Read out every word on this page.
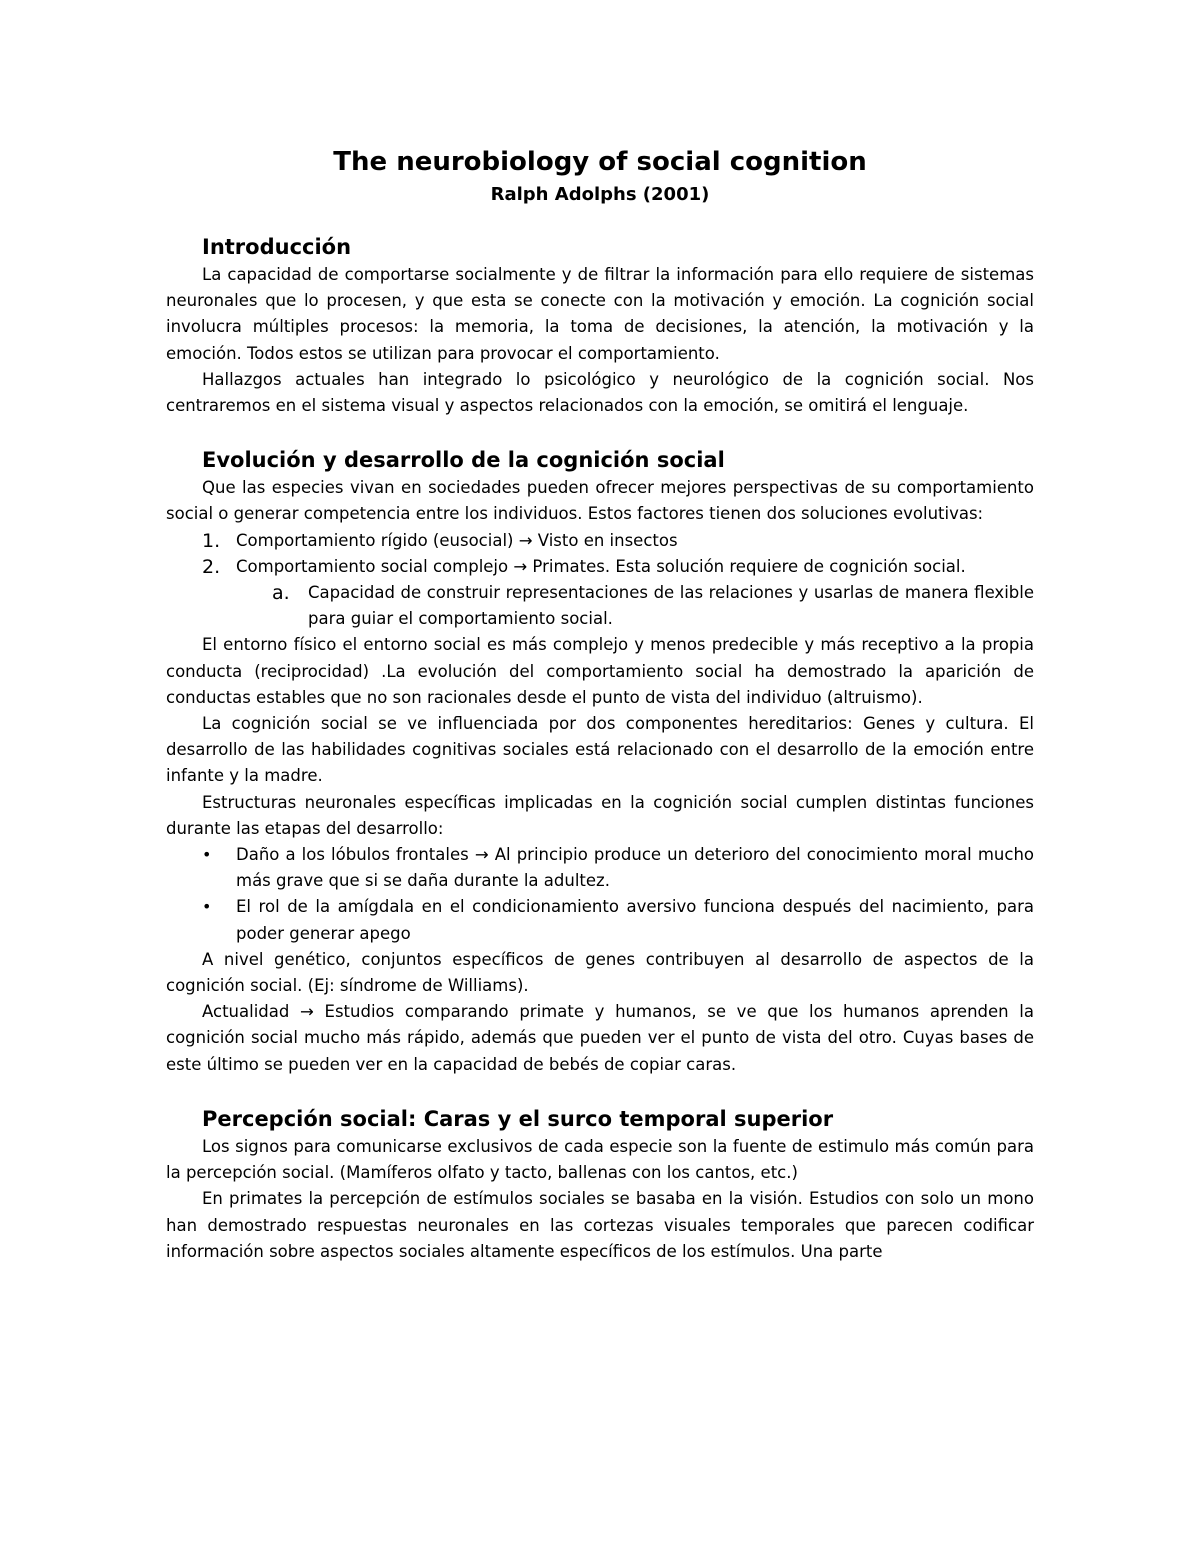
The neurobiology of social cognition
Ralph Adolphs (2001)
Introducción

La capacidad de comportarse socialmente y de filtrar la información para ello requiere de sistemas neuronales que lo procesen, y que esta se conecte con la motivación y emoción. La cognición social involucra múltiples procesos: la memoria, la toma de decisiones, la atención, la motivación y la emoción. Todos estos se utilizan para provocar el comportamiento.

Hallazgos actuales han integrado lo psicológico y neurológico de la cognición social. Nos centraremos en el sistema visual y aspectos relacionados con la emoción, se omitirá el lenguaje.

Evolución y desarrollo de la cognición social

Que las especies vivan en sociedades pueden ofrecer mejores perspectivas de su comportamiento social o generar competencia entre los individuos. Estos factores tienen dos soluciones evolutivas:

1. Comportamiento rígido (eusocial) → Visto en insectos
2. Comportamiento social complejo → Primates. Esta solución requiere de cognición social.
a. Capacidad de construir representaciones de las relaciones y usarlas de manera flexible para guiar el comportamiento social.

El entorno físico el entorno social es más complejo y menos predecible y más receptivo a la propia conducta (reciprocidad) .La evolución del comportamiento social ha demostrado la aparición de conductas estables que no son racionales desde el punto de vista del individuo (altruismo).

La cognición social se ve influenciada por dos componentes hereditarios: Genes y cultura. El desarrollo de las habilidades cognitivas sociales está relacionado con el desarrollo de la emoción entre infante y la madre.

Estructuras neuronales específicas implicadas en la cognición social cumplen distintas funciones durante las etapas del desarrollo:

• Daño a los lóbulos frontales → Al principio produce un deterioro del conocimiento moral mucho más grave que si se daña durante la adultez.
• El rol de la amígdala en el condicionamiento aversivo funciona después del nacimiento, para poder generar apego

A nivel genético, conjuntos específicos de genes contribuyen al desarrollo de aspectos de la cognición social. (Ej: síndrome de Williams).

Actualidad → Estudios comparando primate y humanos, se ve que los humanos aprenden la cognición social mucho más rápido, además que pueden ver el punto de vista del otro. Cuyas bases de este último se pueden ver en la capacidad de bebés de copiar caras.

Percepción social: Caras y el surco temporal superior

Los signos para comunicarse exclusivos de cada especie son la fuente de estimulo más común para la percepción social. (Mamíferos olfato y tacto, ballenas con los cantos, etc.)

En primates la percepción de estímulos sociales se basaba en la visión. Estudios con solo un mono han demostrado respuestas neuronales en las cortezas visuales temporales que parecen codificar información sobre aspectos sociales altamente específicos de los estímulos. Una parte
